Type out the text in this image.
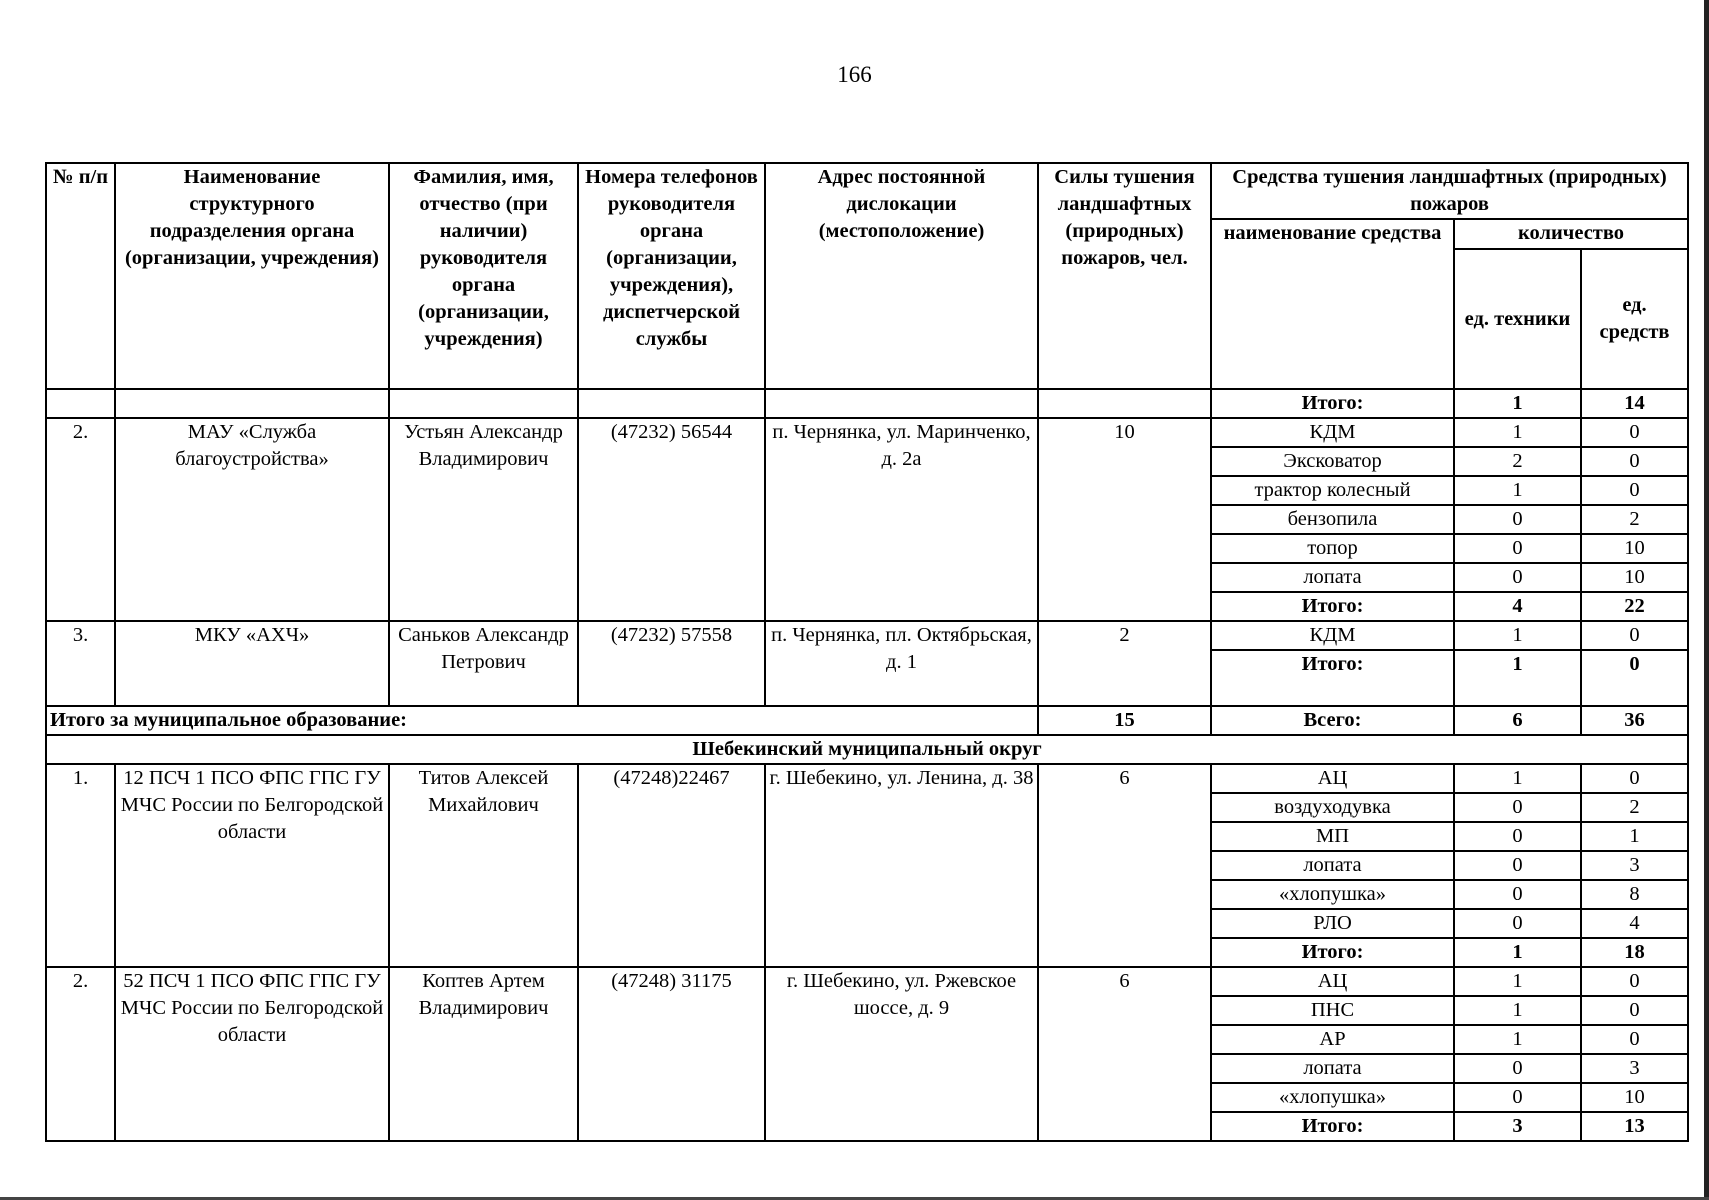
166
№ п/п	Наименование структурного подразделения органа (организации, учреждения)	Фамилия, имя, отчество (при наличии) руководителя органа (организации, учреждения)	Номера телефонов руководителя органа (организации, учреждения), диспетчерской службы	Адрес постоянной дислокации (местоположение)	Силы тушения ландшафтных (природных) пожаров, чел.	Средства тушения ландшафтных (природных) пожаров		
						наименование средства	количество	
							ед. техники	ед. средств
						Итого:	1	14
2.	МАУ «Служба благоустройства»	Устьян Александр Владимирович	(47232) 56544	п. Чернянка, ул. Маринченко, д. 2а	10	КДМ	1	0
						Эксковатор	2	0
						трактор колесный	1	0
						бензопила	0	2
						топор	0	10
						лопата	0	10
						Итого:	4	22
3.	МКУ «АХЧ»	Саньков Александр Петрович	(47232) 57558	п. Чернянка, пл. Октябрьская, д. 1	2	КДМ	1	0
						Итого:	1	0
Итого за муниципальное образование:					15	Всего:	6	36
Шебекинский муниципальный округ								
1.	12 ПСЧ 1 ПСО ФПС ГПС ГУ МЧС России по Белгородской области	Титов Алексей Михайлович	(47248)22467	г. Шебекино, ул. Ленина, д. 38	6	АЦ	1	0
						воздуходувка	0	2
						МП	0	1
						лопата	0	3
						«хлопушка»	0	8
						РЛО	0	4
						Итого:	1	18
2.	52 ПСЧ 1 ПСО ФПС ГПС ГУ МЧС России по Белгородской области	Коптев Артем Владимирович	(47248) 31175	г. Шебекино, ул. Ржевское шоссе, д. 9	6	АЦ	1	0
						ПНС	1	0
						АР	1	0
						лопата	0	3
						«хлопушка»	0	10
						Итого:	3	13
